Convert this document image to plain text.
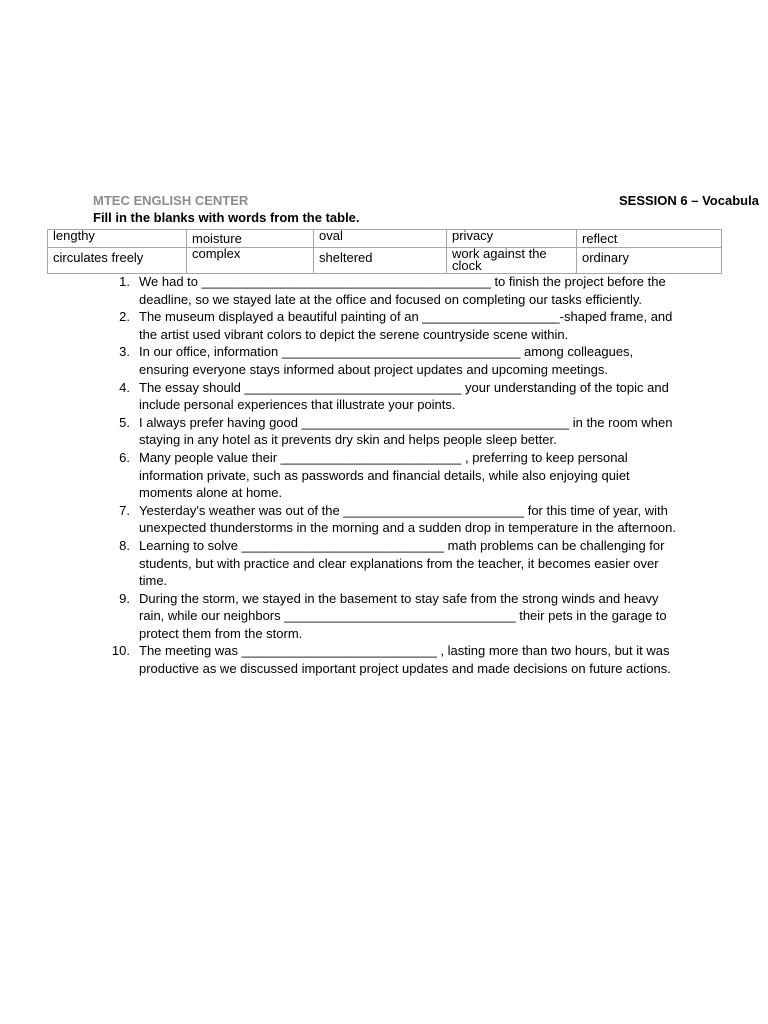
MTEC ENGLISH CENTER	SESSION 6 – Vocabula
Fill in the blanks with words from the table.
lengthy	moisture	oval	privacy	reflect
circulates freely	complex	sheltered	work against the clock	ordinary
1. We had to ________________________________________ to finish the project before the deadline, so we stayed late at the office and focused on completing our tasks efficiently.
2. The museum displayed a beautiful painting of an ___________________-shaped frame, and the artist used vibrant colors to depict the serene countryside scene within.
3. In our office, information _________________________________ among colleagues, ensuring everyone stays informed about project updates and upcoming meetings.
4. The essay should ______________________________ your understanding of the topic and include personal experiences that illustrate your points.
5. I always prefer having good _____________________________________ in the room when staying in any hotel as it prevents dry skin and helps people sleep better.
6. Many people value their _________________________ , preferring to keep personal information private, such as passwords and financial details, while also enjoying quiet moments alone at home.
7. Yesterday's weather was out of the _________________________ for this time of year, with unexpected thunderstorms in the morning and a sudden drop in temperature in the afternoon.
8. Learning to solve ____________________________ math problems can be challenging for students, but with practice and clear explanations from the teacher, it becomes easier over time.
9. During the storm, we stayed in the basement to stay safe from the strong winds and heavy rain, while our neighbors ________________________________ their pets in the garage to protect them from the storm.
10. The meeting was ___________________________ , lasting more than two hours, but it was productive as we discussed important project updates and made decisions on future actions.
